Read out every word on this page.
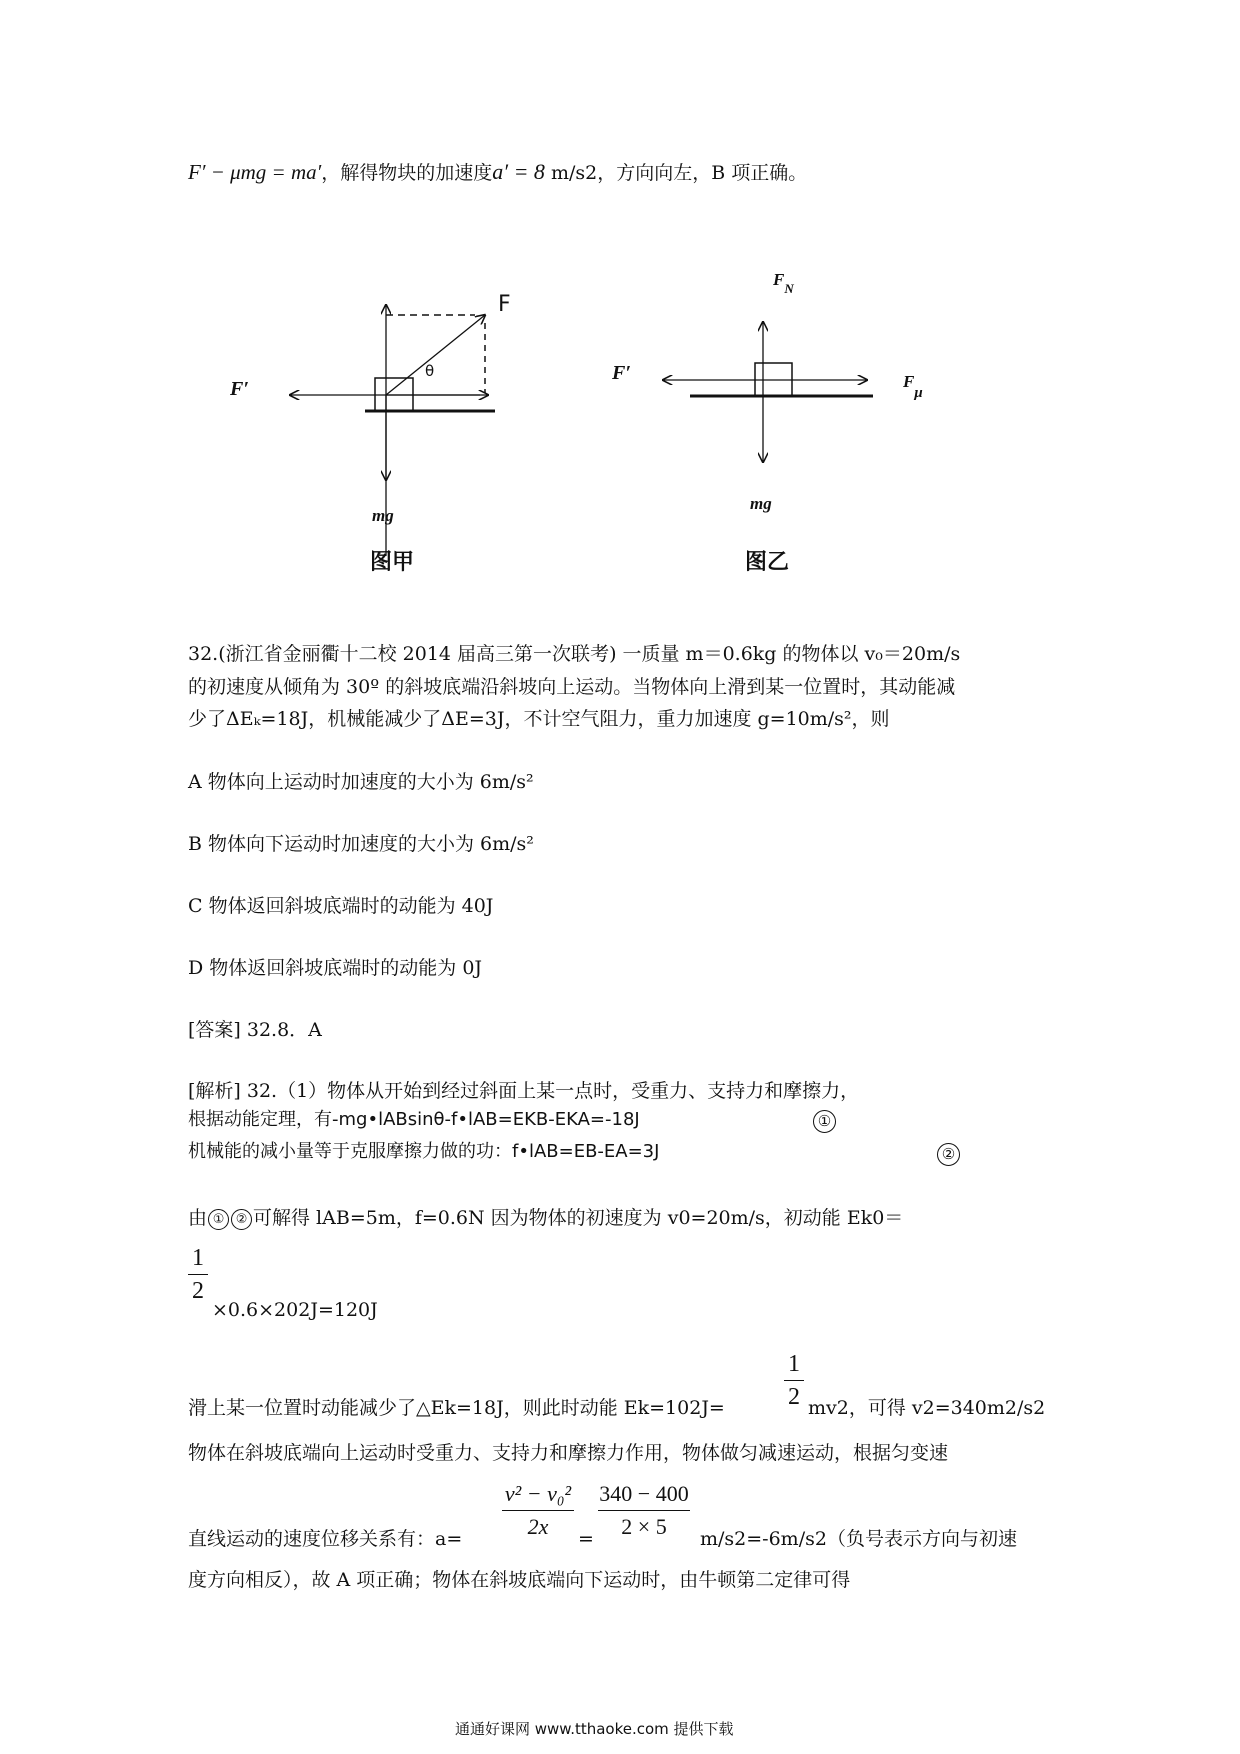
F′ − μmg = ma′，解得物块的加速度a′ = 8 m/s2，方向向左，B 项正确。
F
θ
F′
mg
图甲
$F_N$
F′	Fμ
mg
图乙
32.(浙江省金丽衢十二校 2014 届高三第一次联考) 一质量 m＝0.6kg 的物体以 v₀＝20m/s
的初速度从倾角为 30º 的斜坡底端沿斜坡向上运动。当物体向上滑到某一位置时，其动能减
少了ΔEₖ=18J，机械能减少了ΔE=3J，不计空气阻力，重力加速度 g=10m/s²，则
A 物体向上运动时加速度的大小为 6m/s²
B 物体向下运动时加速度的大小为 6m/s²
C 物体返回斜坡底端时的动能为 40J
D 物体返回斜坡底端时的动能为 0J
[答案] 32.8．A
[解析] 32.（1）物体从开始到经过斜面上某一点时，受重力、支持力和摩擦力，
根据动能定理，有-mg•lABsinθ-f•lAB=EKB-EKA=-18J	①
机械能的减小量等于克服摩擦力做的功：f•lAB=EB-EA=3J	②
由 ① ② 可解得 lAB=5m，f=0.6N 因为物体的初速度为 v0=20m/s，初动能 Ek0＝
1
2
×0.6×202J=120J
滑上某一位置时动能减少了△Ek=18J，则此时动能 Ek=102J=
1
2 mv2，可得 v2=340m2/s2
物体在斜坡底端向上运动时受重力、支持力和摩擦力作用，物体做匀减速运动，根据匀变速
直线运动的速度位移关系有：a=
v² − v₀²
2x	=
340 − 400
2 × 5	m/s2=-6m/s2（负号表示方向与初速
度方向相反），故 A 项正确；物体在斜坡底端向下运动时，由牛顿第二定律可得
通通好课网 www.tthaoke.com 提供下载
